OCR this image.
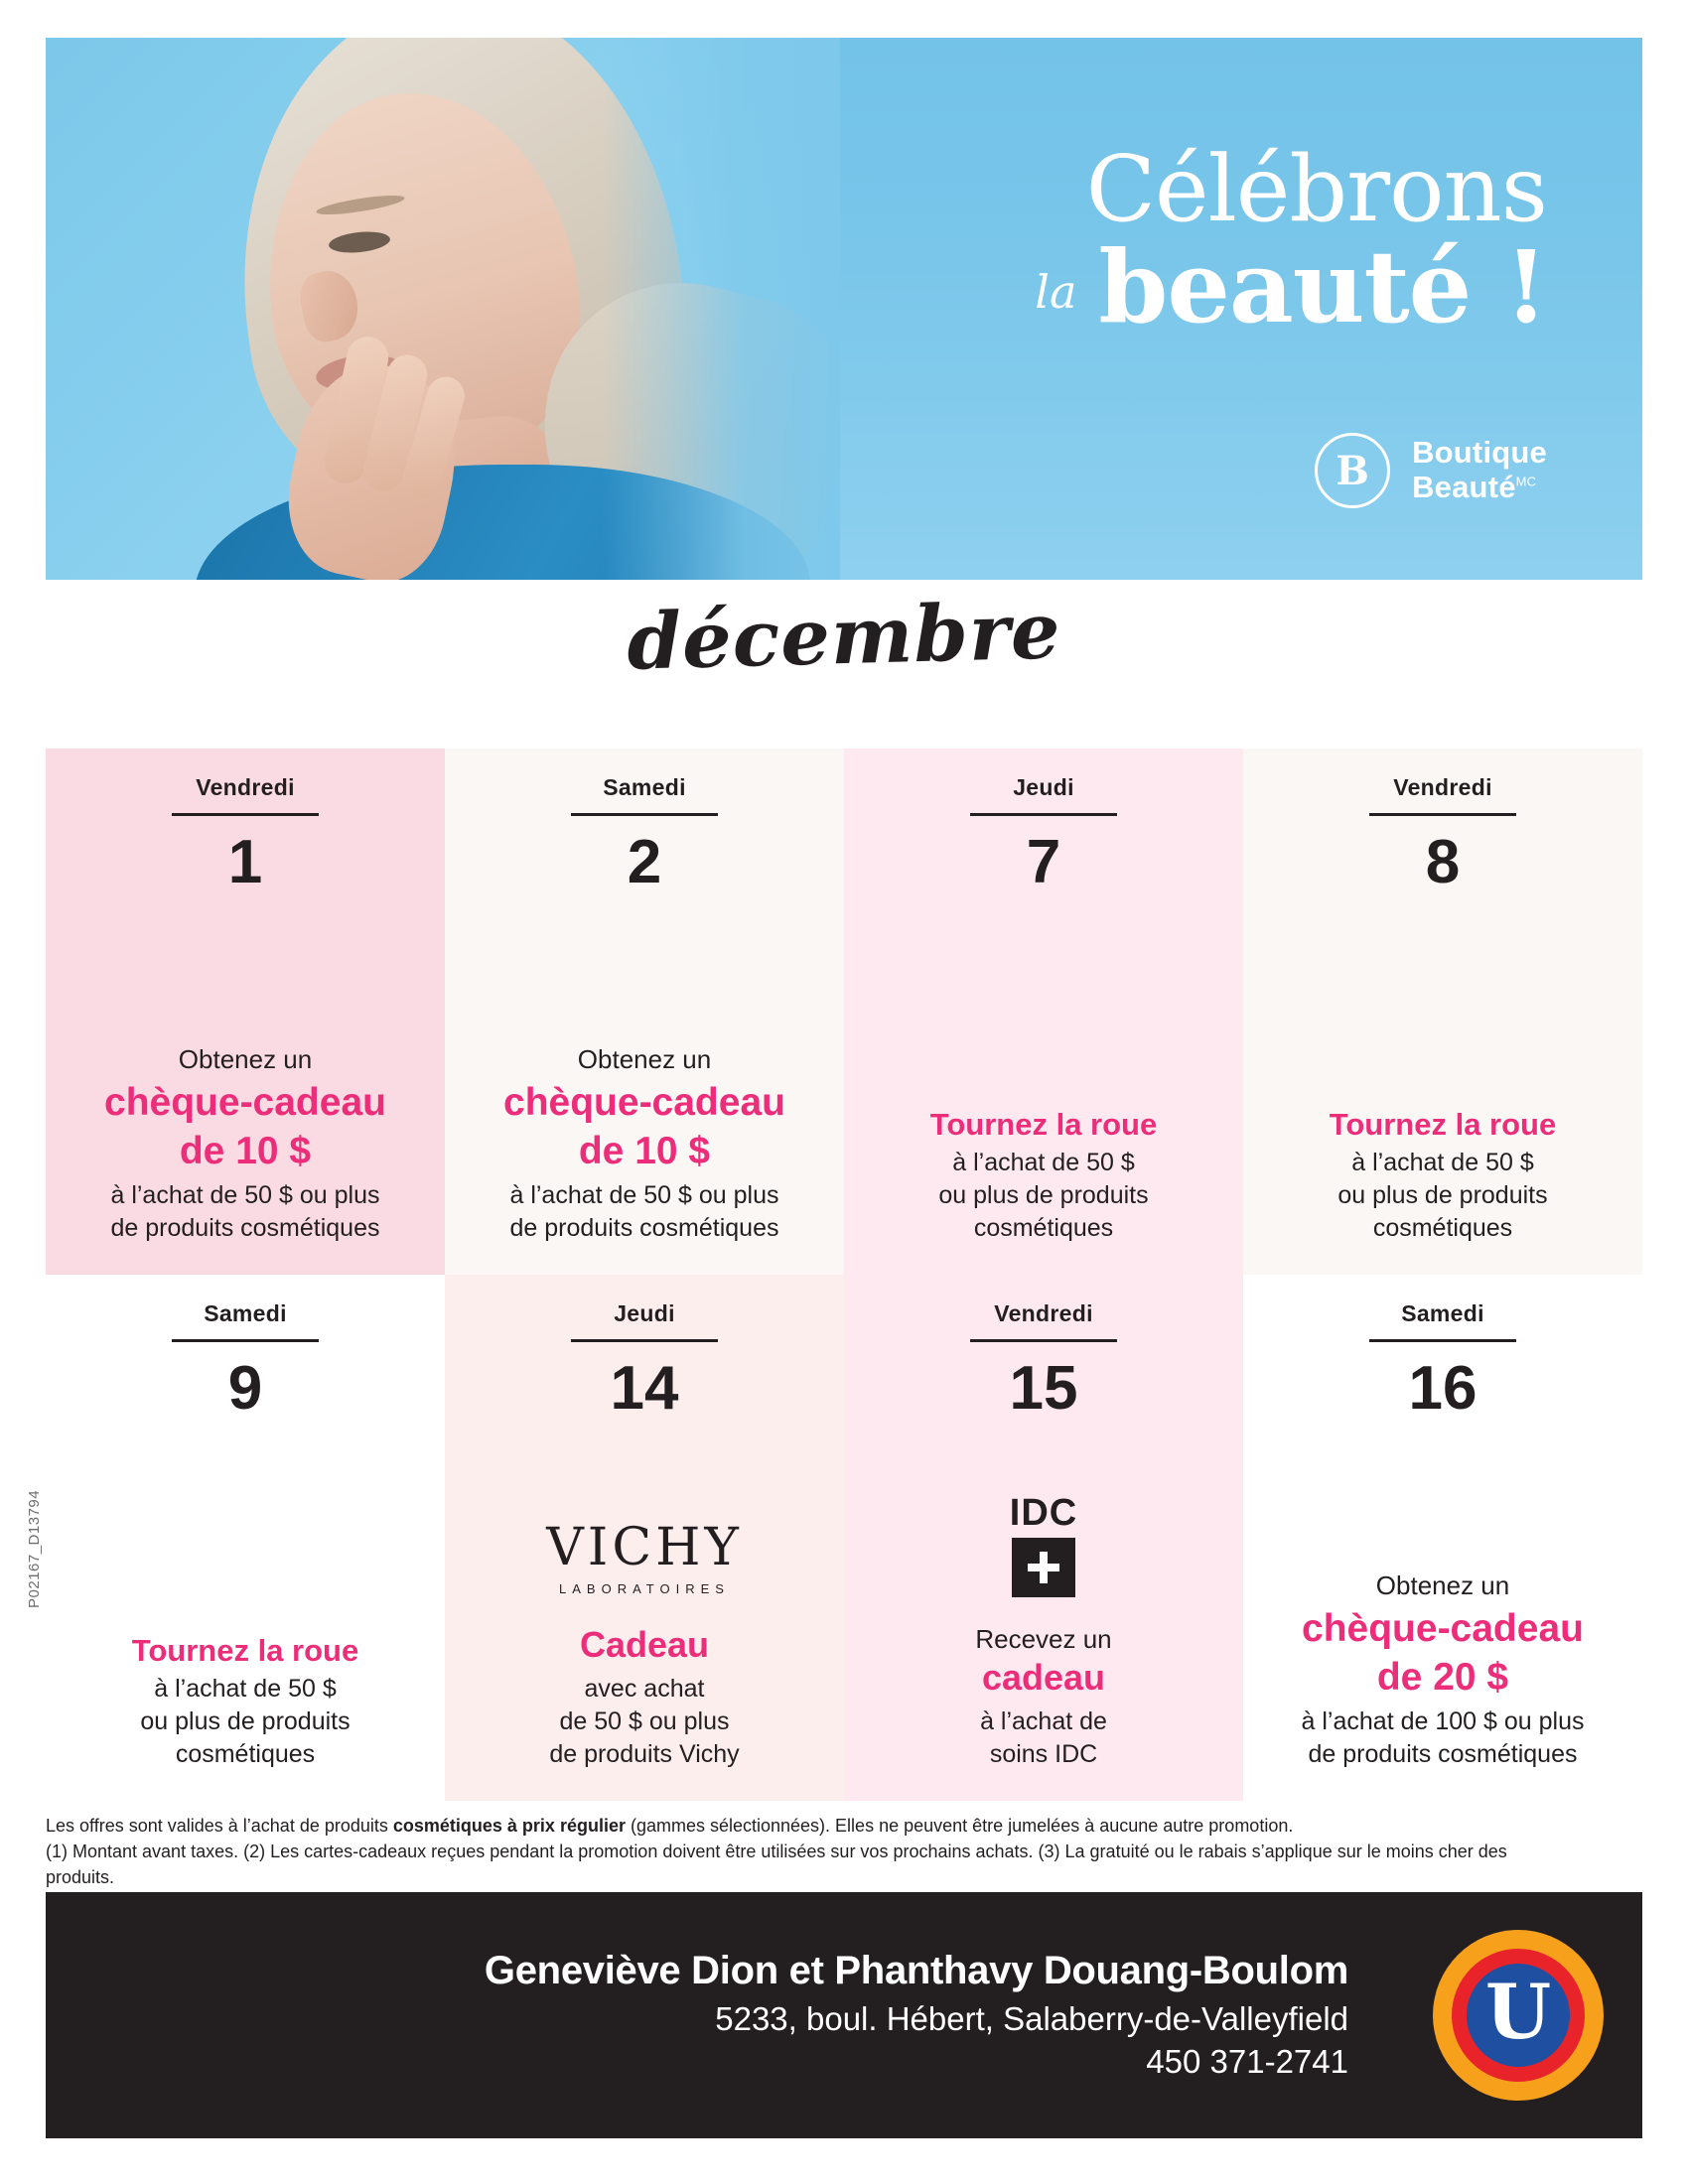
Célébrons
la beauté !
B	Boutique
Beauté$^{MC}$
décembre
Vendredi
1
Obtenez un
chèque-cadeau
de 10 $
à l’achat de 50 $ ou plus
de produits cosmétiques
Samedi
2
Obtenez un
chèque-cadeau
de 10 $
à l’achat de 50 $ ou plus
de produits cosmétiques
Jeudi
7
Tournez la roue
à l’achat de 50 $
ou plus de produits
cosmétiques
Vendredi
8
Tournez la roue
à l’achat de 50 $
ou plus de produits
cosmétiques
Samedi
9
Tournez la roue
à l’achat de 50 $
ou plus de produits
cosmétiques
Jeudi
14
VICHY
LABORATOIRES
Cadeau
avec achat
de 50 $ ou plus
de produits Vichy
Vendredi
15
IDC
Recevez un
cadeau
à l’achat de
soins IDC
Samedi
16
Obtenez un
chèque-cadeau
de 20 $
à l’achat de 100 $ ou plus
de produits cosmétiques
P02167_D13794
Les offres sont valides à l’achat de produits cosmétiques à prix régulier (gammes sélectionnées). Elles ne peuvent être jumelées à aucune autre promotion.
(1) Montant avant taxes. (2) Les cartes-cadeaux reçues pendant la promotion doivent être utilisées sur vos prochains achats. (3) La gratuité ou le rabais s’applique sur le moins cher des produits.
Geneviève Dion et Phanthavy Douang-Boulom
5233, boul. Hébert, Salaberry-de-Valleyfield
450 371-2741
U
